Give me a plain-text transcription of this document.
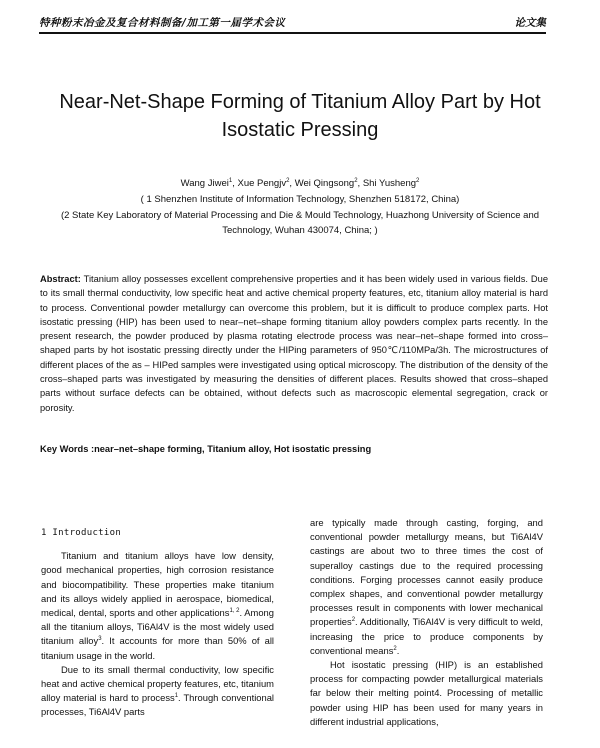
特种粉末冶金及复合材料制备/加工第一届学术会议	论文集
Near-Net-Shape Forming of Titanium Alloy Part by Hot Isostatic Pressing
Wang Jiwei$^1$, Xue Pengjv$^2$, Wei Qingsong$^2$, Shi Yusheng$^2$
( 1 Shenzhen Institute of Information Technology, Shenzhen 518172, China)
(2 State Key Laboratory of Material Processing and Die & Mould Technology, Huazhong University of Science and Technology, Wuhan 430074, China; )
Abstract: Titanium alloy possesses excellent comprehensive properties and it has been widely used in various fields. Due to its small thermal conductivity, low specific heat and active chemical property features, etc, titanium alloy material is hard to process. Conventional powder metallurgy can overcome this problem, but it is difficult to produce complex parts. Hot isostatic pressing (HIP) has been used to near–net–shape forming titanium alloy powders complex parts recently. In the present research, the powder produced by plasma rotating electrode process was near–net–shape formed into cross–shaped parts by hot isostatic pressing directly under the HIPing parameters of 950℃/110MPa/3h. The microstructures of different places of the as – HIPed samples were investigated using optical microscopy. The distribution of the density of the cross–shaped parts was investigated by measuring the densities of different places. Results showed that cross–shaped parts without surface defects can be obtained, without defects such as macroscopic elemental segregation, crack or porosity.
Key Words :near–net–shape forming, Titanium alloy, Hot isostatic pressing

1 Introduction

Titanium and titanium alloys have low density, good mechanical properties, high corrosion resistance and biocompatibility. These properties make titanium and its alloys widely applied in aerospace, biomedical, medical, dental, sports and other applications$^{1, 2}$. Among all the titanium alloys, Ti6Al4V is the most widely used titanium alloy$^3$. It accounts for more than 50% of all titanium usage in the world.

Due to its small thermal conductivity, low specific heat and active chemical property features, etc, titanium alloy material is hard to process$^1$. Through conventional processes, Ti6Al4V parts

are typically made through casting, forging, and conventional powder metallurgy means, but Ti6Al4V castings are about two to three times the cost of superalloy castings due to the required processing conditions. Forging processes cannot easily produce complex shapes, and conventional powder metallurgy processes result in components with lower mechanical properties$^2$. Additionally, Ti6Al4V is very difficult to weld, increasing the price to produce components by conventional means$^2$.

Hot isostatic pressing (HIP) is an established process for compacting powder metallurgical materials far below their melting point4. Processing of metallic powder using HIP has been used for many years in different industrial applications,
